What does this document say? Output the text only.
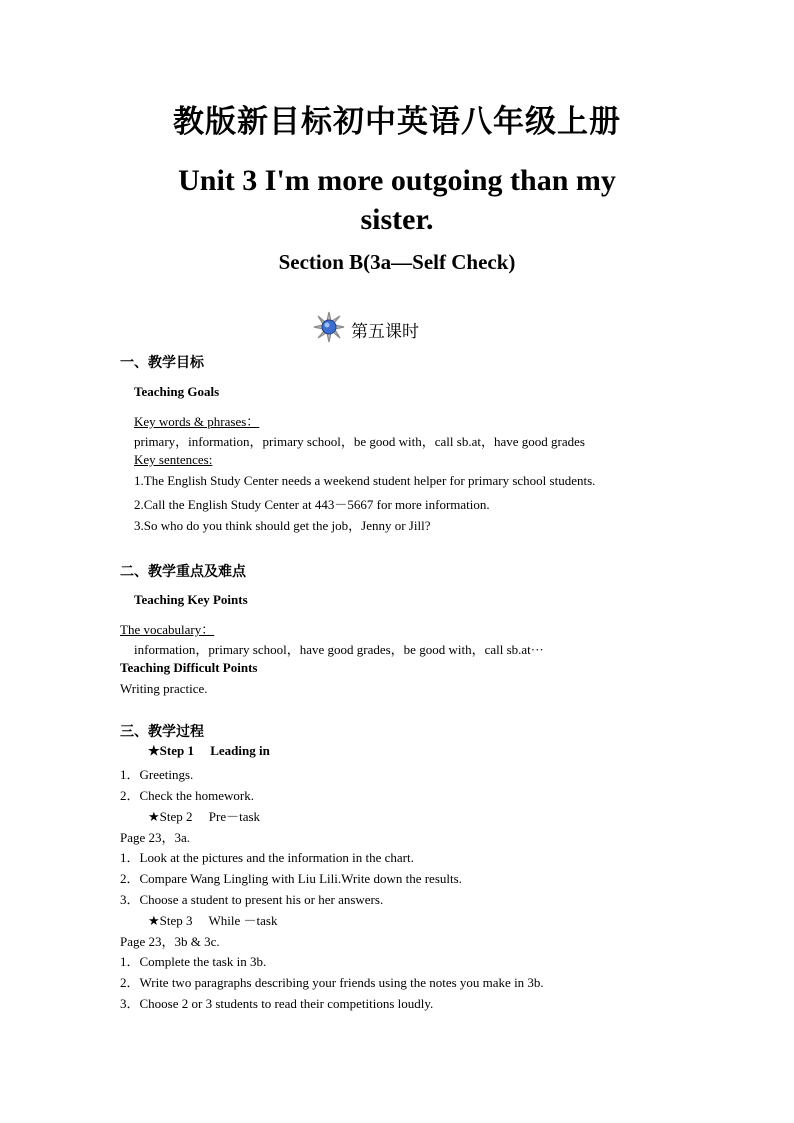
教版新目标初中英语八年级上册
Unit 3 I'm more outgoing than my
sister.
Section B(3a—Self Check)
第五课时
一、教学目标
Teaching Goals
Key words & phrases：
primary，information，primary school，be good with，call sb.at，have good grades
Key sentences:
1.The English Study Center needs a weekend student helper for primary school students.
2.Call the English Study Center at 443－5667 for more information.
3.So who do you think should get the job，Jenny or Jill?
二、教学重点及难点
Teaching Key Points
The vocabulary：
information，primary school，have good grades，be good with，call sb.at···
Teaching Difficult Points
Writing practice.
三、教学过程
★Step 1     Leading in
1．Greetings.
2．Check the homework.
★Step 2     Pre－task
Page 23，3a.
1．Look at the pictures and the information in the chart.
2．Compare Wang Lingling with Liu Lili.Write down the results.
3．Choose a student to present his or her answers.
★Step 3     While －task
Page 23，3b & 3c.
1．Complete the task in 3b.
2．Write two paragraphs describing your friends using the notes you make in 3b.
3．Choose 2 or 3 students to read their competitions loudly.
